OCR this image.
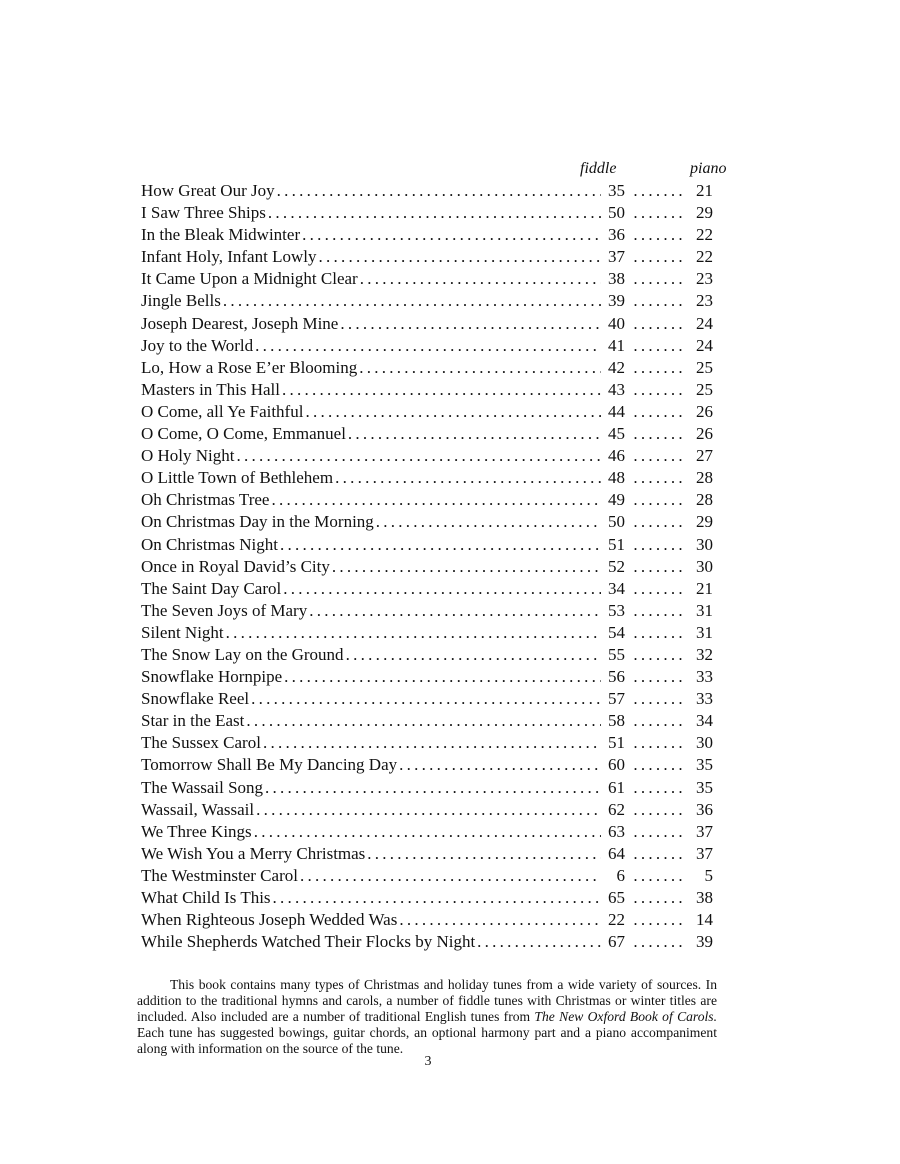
fiddle	piano
How Great Our Joy . . .	35 . . .	21
I Saw Three Ships . . .	50 . . .	29
In the Bleak Midwinter . . .	36 . . .	22
Infant Holy, Infant Lowly . . .	37 . . .	22
It Came Upon a Midnight Clear . . .	38 . . .	23
Jingle Bells . . .	39 . . .	23
Joseph Dearest, Joseph Mine . . .	40 . . .	24
Joy to the World . . .	41 . . .	24
Lo, How a Rose E’er Blooming . . .	42 . . .	25
Masters in This Hall . . .	43 . . .	25
O Come, all Ye Faithful . . .	44 . . .	26
O Come, O Come, Emmanuel . . .	45 . . .	26
O Holy Night . . .	46 . . .	27
O Little Town of Bethlehem . . .	48 . . .	28
Oh Christmas Tree . . .	49 . . .	28
On Christmas Day in the Morning . . .	50 . . .	29
On Christmas Night . . .	51 . . .	30
Once in Royal David’s City . . .	52 . . .	30
The Saint Day Carol . . .	34 . . .	21
The Seven Joys of Mary . . .	53 . . .	31
Silent Night . . .	54 . . .	31
The Snow Lay on the Ground . . .	55 . . .	32
Snowflake Hornpipe . . .	56 . . .	33
Snowflake Reel . . .	57 . . .	33
Star in the East . . .	58 . . .	34
The Sussex Carol . . .	51 . . .	30
Tomorrow Shall Be My Dancing Day . . .	60 . . .	35
The Wassail Song . . .	61 . . .	35
Wassail, Wassail . . .	62 . . .	36
We Three Kings . . .	63 . . .	37
We Wish You a Merry Christmas . . .	64 . . .	37
The Westminster Carol . . .	6 . . .	5
What Child Is This . . .	65 . . .	38
When Righteous Joseph Wedded Was . . .	22 . . .	14
While Shepherds Watched Their Flocks by Night . . .	67 . . .	39

This book contains many types of Christmas and holiday tunes from a wide variety of sources. In addition to the traditional hymns and carols, a number of fiddle tunes with Christmas or winter titles are included. Also included are a number of traditional English tunes from The New Oxford Book of Carols. Each tune has suggested bowings, guitar chords, an optional harmony part and a piano accompaniment along with information on the source of the tune.

3
